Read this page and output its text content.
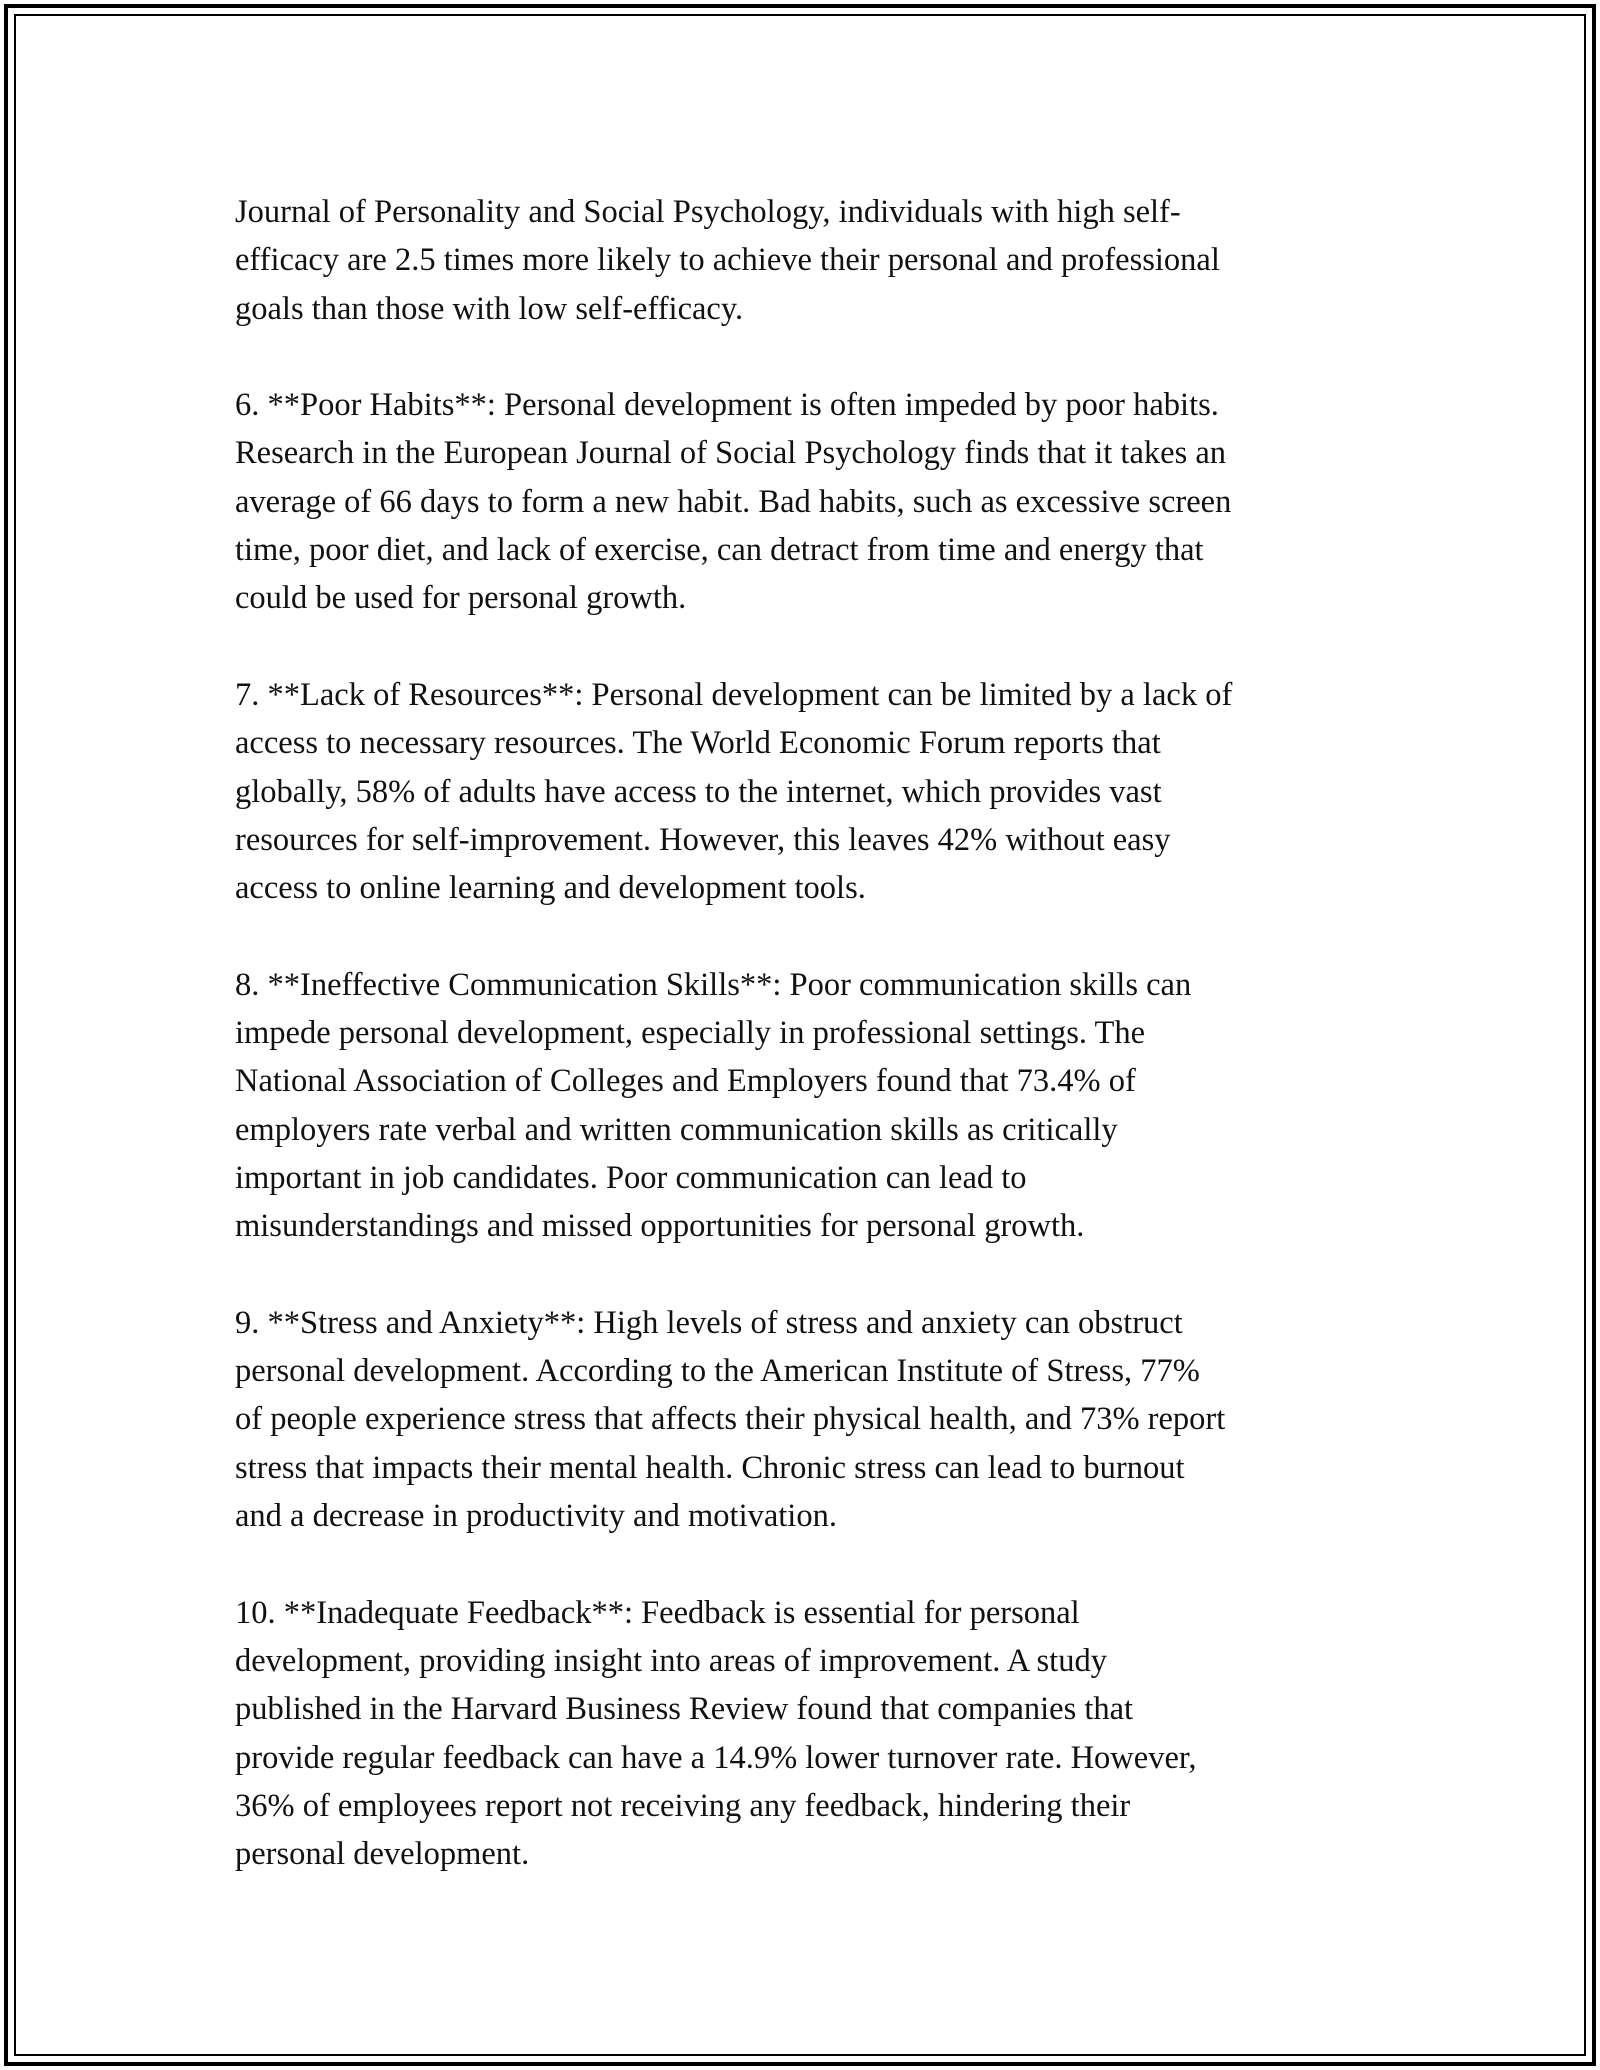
Journal of Personality and Social Psychology, individuals with high self-
efficacy are 2.5 times more likely to achieve their personal and professional
goals than those with low self-efficacy.

6. **Poor Habits**: Personal development is often impeded by poor habits.
Research in the European Journal of Social Psychology finds that it takes an
average of 66 days to form a new habit. Bad habits, such as excessive screen
time, poor diet, and lack of exercise, can detract from time and energy that
could be used for personal growth.

7. **Lack of Resources**: Personal development can be limited by a lack of
access to necessary resources. The World Economic Forum reports that
globally, 58% of adults have access to the internet, which provides vast
resources for self-improvement. However, this leaves 42% without easy
access to online learning and development tools.

8. **Ineffective Communication Skills**: Poor communication skills can
impede personal development, especially in professional settings. The
National Association of Colleges and Employers found that 73.4% of
employers rate verbal and written communication skills as critically
important in job candidates. Poor communication can lead to
misunderstandings and missed opportunities for personal growth.

9. **Stress and Anxiety**: High levels of stress and anxiety can obstruct
personal development. According to the American Institute of Stress, 77%
of people experience stress that affects their physical health, and 73% report
stress that impacts their mental health. Chronic stress can lead to burnout
and a decrease in productivity and motivation.

10. **Inadequate Feedback**: Feedback is essential for personal
development, providing insight into areas of improvement. A study
published in the Harvard Business Review found that companies that
provide regular feedback can have a 14.9% lower turnover rate. However,
36% of employees report not receiving any feedback, hindering their
personal development.
